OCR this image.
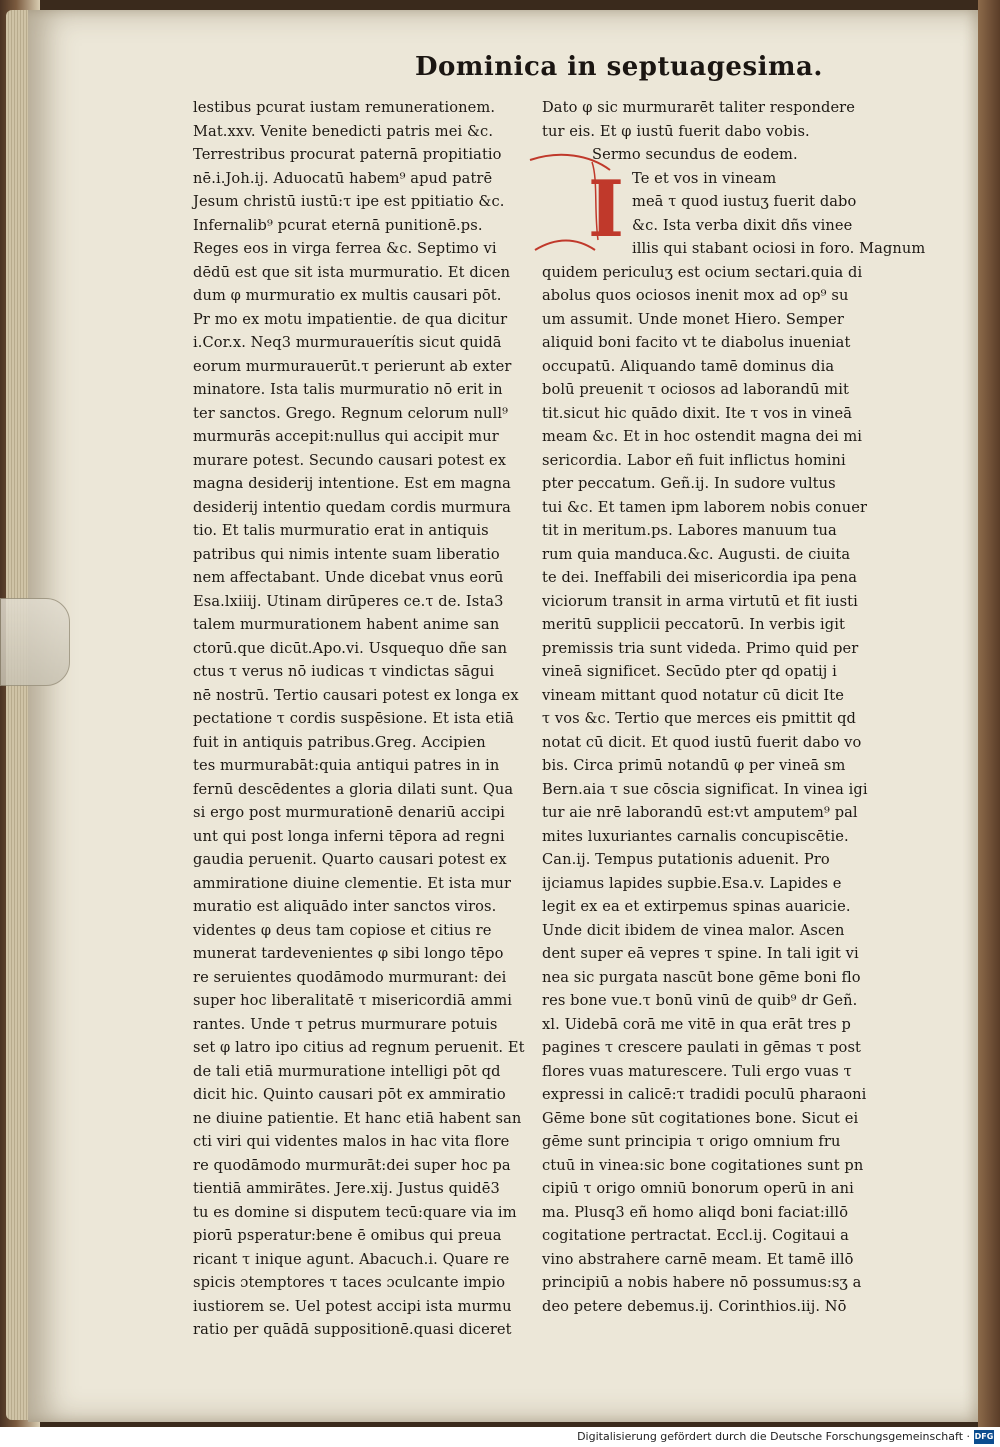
Dominica in septuagesima.
lestibus pcurat iustam remunerationem.
Mat.xxv. Venite benedicti patris mei &c.
Terrestribus procurat paternā propitiatio
nē.i.Joh.ij. Aduocatū habem⁹ apud patrē
Jesum christū iustū:τ ipe est ppitiatio &c.
Infernalib⁹ pcurat eternā punitionē.ps.
Reges eos in virga ferrea &c. Septimo vi
dēdū est que sit ista murmuratio. Et dicen
dum φ murmuratio ex multis causari pōt.
Pr mo ex motu impatientie. de qua dicitur
i.Cor.x. Neq3 murmurauerítis sicut quidā
eorum murmurauerūt.τ perierunt ab exter
minatore. Ista talis murmuratio nō erit in
ter sanctos. Grego. Regnum celorum null⁹
murmurās accepit:nullus qui accipit mur
murare potest. Secundo causari potest ex
magna desiderij intentione. Est em magna
desiderij intentio quedam cordis murmura
tio. Et talis murmuratio erat in antiquis
patribus qui nimis intente suam liberatio
nem affectabant. Unde dicebat vnus eorū
Esa.lxiiij. Utinam dirūperes ce.τ de. Ista3
talem murmurationem habent anime san
ctorū.que dicūt.Apo.vi. Usquequo dñe san
ctus τ verus nō iudicas τ vindictas sāgui
nē nostrū. Tertio causari potest ex longa ex
pectatione τ cordis suspēsione. Et ista etiā
fuit in antiquis patribus.Greg. Accipien
tes murmurabāt:quia antiqui patres in in
fernū descēdentes a gloria dilati sunt. Qua
si ergo post murmurationē denariū accipi
unt qui post longa inferni tēpora ad regni
gaudia peruenit. Quarto causari potest ex
ammiratione diuine clementie. Et ista mur
muratio est aliquādo inter sanctos viros.
videntes φ deus tam copiose et citius re
munerat tardevenientes φ sibi longo tēpo
re seruientes quodāmodo murmurant: dei
super hoc liberalitatē τ misericordiā ammi
rantes. Unde τ petrus murmurare potuis
set φ latro ipo citius ad regnum peruenit. Et
de tali etiā murmuratione intelligi pōt qd
dicit hic. Quinto causari pōt ex ammiratio
ne diuine patientie. Et hanc etiā habent san
cti viri qui videntes malos in hac vita flore
re quodāmodo murmurāt:dei super hoc pa
tientiā ammirātes. Jere.xij. Justus quidē3
tu es domine si disputem tecū:quare via im
piorū psperatur:bene ē omibus qui preua
ricant τ inique agunt. Abacuch.i. Quare re
spicis ɔtemptores τ taces ɔculcante impio
iustiorem se. Uel potest accipi ista murmu
ratio per quādā suppositionē.quasi diceret
Dato φ sic murmurarēt taliter respondere
tur eis. Et φ iustū fuerit dabo vobis.
Sermo secundus de eodem.
Te et vos in vineam
meā τ quod iustuʒ fuerit dabo
&c. Ista verba dixit dñs vinee
illis qui stabant ociosi in foro. Magnum
quidem periculuʒ est ocium sectari.quia di
abolus quos ociosos inenit mox ad op⁹ su
um assumit. Unde monet Hiero. Semper
aliquid boni facito vt te diabolus inueniat
occupatū. Aliquando tamē dominus dia
bolū preuenit τ ociosos ad laborandū mit
tit.sicut hic quādo dixit. Ite τ vos in vineā
meam &c. Et in hoc ostendit magna dei mi
sericordia. Labor eñ fuit inflictus homini
pter peccatum. Geñ.ij. In sudore vultus
tui &c. Et tamen ipm laborem nobis conuer
tit in meritum.ps. Labores manuum tua
rum quia manduca.&c. Augusti. de ciuita
te dei. Ineffabili dei misericordia ipa pena
viciorum transit in arma virtutū et fit iusti
meritū supplicii peccatorū. In verbis igit
premissis tria sunt videda. Primo quid per
vineā significet. Secūdo pter qd opatij i
vineam mittant quod notatur cū dicit Ite
τ vos &c. Tertio que merces eis pmittit qd
notat cū dicit. Et quod iustū fuerit dabo vo
bis. Circa primū notandū φ per vineā sm
Bern.aia τ sue cōscia significat. In vinea igi
tur aie nrē laborandū est:vt amputem⁹ pal
mites luxuriantes carnalis concupiscētie.
Can.ij. Tempus putationis aduenit. Pro
ijciamus lapides supbie.Esa.v. Lapides e
legit ex ea et extirpemus spinas auaricie.
Unde dicit ibidem de vinea malor. Ascen
dent super eā vepres τ spine. In tali igit vi
nea sic purgata nascūt bone gēme boni flo
res bone vue.τ bonū vinū de quib⁹ dr Geñ.
xl. Uidebā corā me vitē in qua erāt tres p
pagines τ crescere paulati in gēmas τ post
flores vuas maturescere. Tuli ergo vuas τ
expressi in calicē:τ tradidi poculū pharaoni
Gēme bone sūt cogitationes bone. Sicut ei
gēme sunt principia τ origo omnium fru
ctuū in vinea:sic bone cogitationes sunt pn
cipiū τ origo omniū bonorum operū in ani
ma. Plusq3 eñ homo aliqd boni faciat:illō
cogitatione pertractat. Eccl.ij. Cogitaui a
vino abstrahere carnē meam. Et tamē illō
principiū a nobis habere nō possumus:sʒ a
deo petere debemus.ij. Corinthios.iij. Nō
I
Digitalisierung gefördert durch die Deutsche Forschungsgemeinschaft · DFG
